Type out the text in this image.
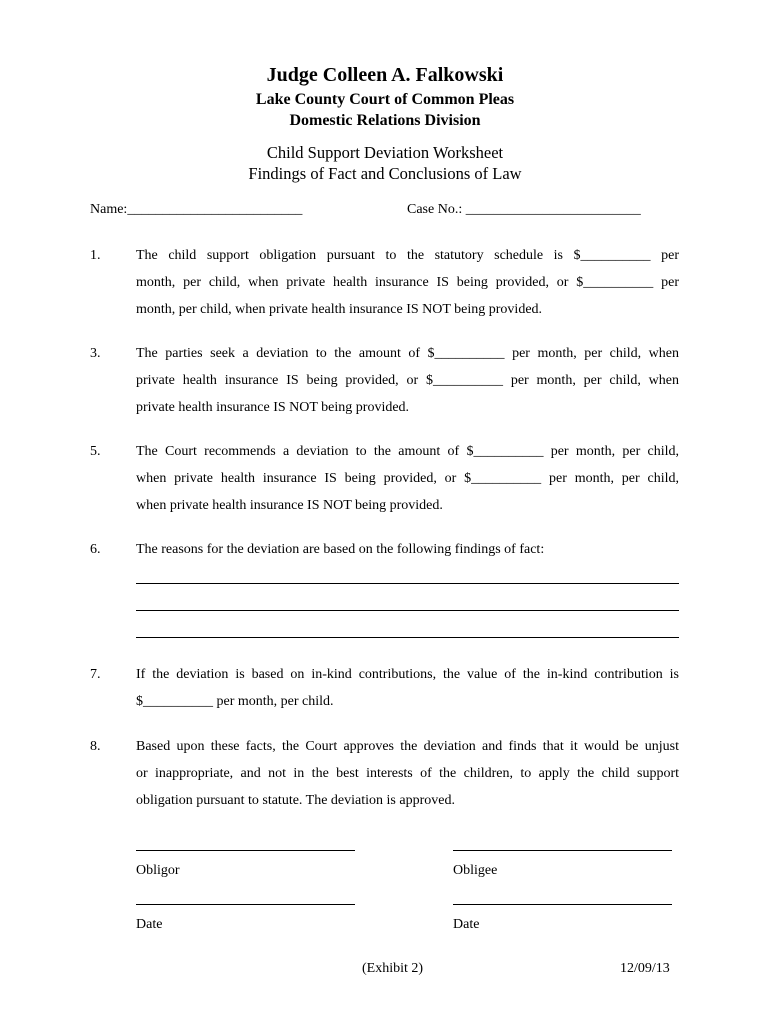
Judge Colleen A. Falkowski
Lake County Court of Common Pleas
Domestic Relations Division
Child Support Deviation Worksheet
Findings of Fact and Conclusions of Law
Name:_________________________	Case No.: _________________________
1.	The child support obligation pursuant to the statutory schedule is $__________ per
month, per child, when private health insurance IS being provided, or $__________ per
month, per child, when private health insurance IS NOT being provided.
3.	The parties seek a deviation to the amount of $__________ per month, per child, when
private health insurance IS being provided, or $__________ per month, per child, when
private health insurance IS NOT being provided.
5.	The Court recommends a deviation to the amount of $__________ per month, per child,
when private health insurance IS being provided, or $__________ per month, per child,
when private health insurance IS NOT being provided.
6.	The reasons for the deviation are based on the following findings of fact:
7.	If the deviation is based on in-kind contributions, the value of the in-kind contribution is
$__________ per month, per child.
8.	Based upon these facts, the Court approves the deviation and finds that it would be unjust
or inappropriate, and not in the best interests of the children, to apply the child support
obligation pursuant to statute. The deviation is approved.
Obligor	Obligee
Date	Date
(Exhibit 2)	12/09/13
